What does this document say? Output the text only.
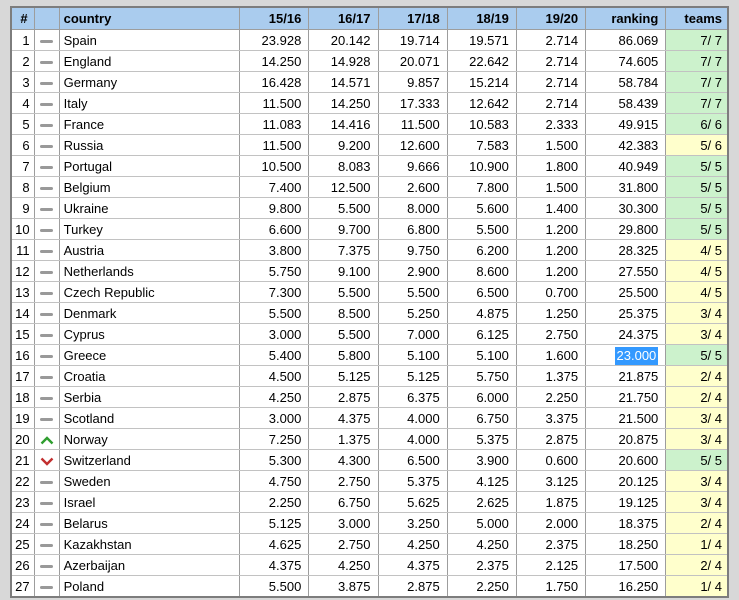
#		country	15/16	16/17	17/18	18/19	19/20	ranking	teams
1		Spain	23.928	20.142	19.714	19.571	2.714	86.069	7/ 7
2		England	14.250	14.928	20.071	22.642	2.714	74.605	7/ 7
3		Germany	16.428	14.571	9.857	15.214	2.714	58.784	7/ 7
4		Italy	11.500	14.250	17.333	12.642	2.714	58.439	7/ 7
5		France	11.083	14.416	11.500	10.583	2.333	49.915	6/ 6
6		Russia	11.500	9.200	12.600	7.583	1.500	42.383	5/ 6
7		Portugal	10.500	8.083	9.666	10.900	1.800	40.949	5/ 5
8		Belgium	7.400	12.500	2.600	7.800	1.500	31.800	5/ 5
9		Ukraine	9.800	5.500	8.000	5.600	1.400	30.300	5/ 5
10		Turkey	6.600	9.700	6.800	5.500	1.200	29.800	5/ 5
11		Austria	3.800	7.375	9.750	6.200	1.200	28.325	4/ 5
12		Netherlands	5.750	9.100	2.900	8.600	1.200	27.550	4/ 5
13		Czech Republic	7.300	5.500	5.500	6.500	0.700	25.500	4/ 5
14		Denmark	5.500	8.500	5.250	4.875	1.250	25.375	3/ 4
15		Cyprus	3.000	5.500	7.000	6.125	2.750	24.375	3/ 4
16		Greece	5.400	5.800	5.100	5.100	1.600	23.000	5/ 5
17		Croatia	4.500	5.125	5.125	5.750	1.375	21.875	2/ 4
18		Serbia	4.250	2.875	6.375	6.000	2.250	21.750	2/ 4
19		Scotland	3.000	4.375	4.000	6.750	3.375	21.500	3/ 4
20		Norway	7.250	1.375	4.000	5.375	2.875	20.875	3/ 4
21		Switzerland	5.300	4.300	6.500	3.900	0.600	20.600	5/ 5
22		Sweden	4.750	2.750	5.375	4.125	3.125	20.125	3/ 4
23		Israel	2.250	6.750	5.625	2.625	1.875	19.125	3/ 4
24		Belarus	5.125	3.000	3.250	5.000	2.000	18.375	2/ 4
25		Kazakhstan	4.625	2.750	4.250	4.250	2.375	18.250	1/ 4
26		Azerbaijan	4.375	4.250	4.375	2.375	2.125	17.500	2/ 4
27		Poland	5.500	3.875	2.875	2.250	1.750	16.250	1/ 4
